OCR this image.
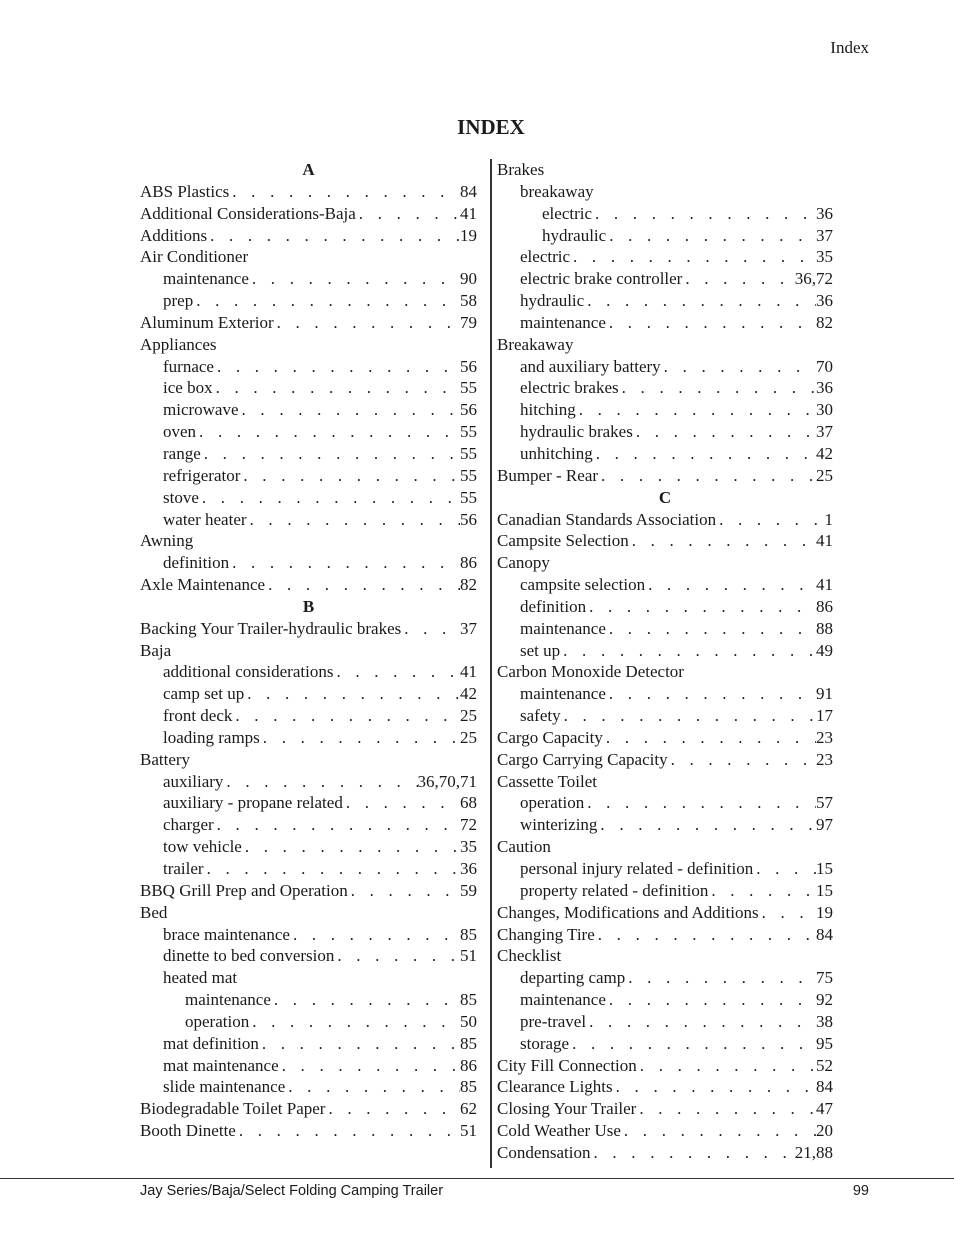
Index
INDEX
A
ABS Plastics . . .	84
Additional Considerations-Baja . . .	41
Additions . . .	19
Air Conditioner
maintenance . . .	90
prep . . .	58
Aluminum Exterior . . .	79
Appliances
furnace . . .	56
ice box . . .	55
microwave . . .	56
oven . . .	55
range . . .	55
refrigerator . . .	55
stove . . .	55
water heater . . .	56
Awning
definition . . .	86
Axle Maintenance . . .	82
B
Backing Your Trailer-hydraulic brakes . . .	37
Baja
additional considerations . . .	41
camp set up . . .	42
front deck . . .	25
loading ramps . . .	25
Battery
auxiliary . . .	36,70,71
auxiliary - propane related . . .	68
charger . . .	72
tow vehicle . . .	35
trailer . . .	36
BBQ Grill Prep and Operation . . .	59
Bed
brace maintenance . . .	85
dinette to bed conversion . . .	51
heated mat
maintenance . . .	85
operation . . .	50
mat definition . . .	85
mat maintenance . . .	86
slide maintenance . . .	85
Biodegradable Toilet Paper . . .	62
Booth Dinette . . .	51
Brakes
breakaway
electric . . .	36
hydraulic . . .	37
electric . . .	35
electric brake controller . . .	36,72
hydraulic . . .	36
maintenance . . .	82
Breakaway
and auxiliary battery . . .	70
electric brakes . . .	36
hitching . . .	30
hydraulic brakes . . .	37
unhitching . . .	42
Bumper - Rear . . .	25
C
Canadian Standards Association . . .	1
Campsite Selection . . .	41
Canopy
campsite selection . . .	41
definition . . .	86
maintenance . . .	88
set up . . .	49
Carbon Monoxide Detector
maintenance . . .	91
safety . . .	17
Cargo Capacity . . .	23
Cargo Carrying Capacity . . .	23
Cassette Toilet
operation . . .	57
winterizing . . .	97
Caution
personal injury related - definition . . .	15
property related - definition . . .	15
Changes, Modifications and Additions . . .	19
Changing Tire . . .	84
Checklist
departing camp . . .	75
maintenance . . .	92
pre-travel . . .	38
storage . . .	95
City Fill Connection . . .	52
Clearance Lights . . .	84
Closing Your Trailer . . .	47
Cold Weather Use . . .	20
Condensation . . .	21,88
Jay Series/Baja/Select Folding Camping Trailer	99
